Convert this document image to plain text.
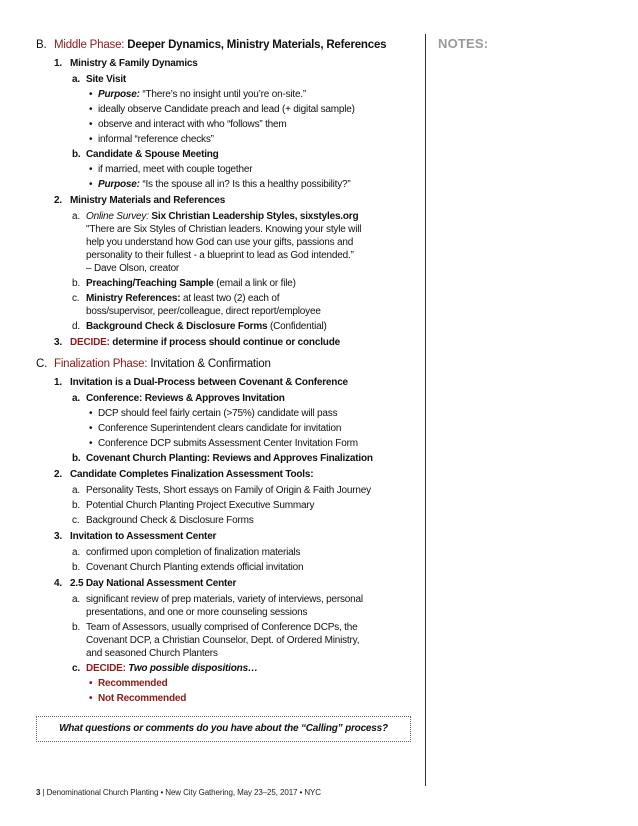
B. Middle Phase: Deeper Dynamics, Ministry Materials, References
1. Ministry & Family Dynamics
a. Site Visit
• Purpose: “There’s no insight until you’re on-site.”
• ideally observe Candidate preach and lead (+ digital sample)
• observe and interact with who “follows” them
• informal “reference checks”
b. Candidate & Spouse Meeting
• if married, meet with couple together
• Purpose: “Is the spouse all in? Is this a healthy possibility?”
2. Ministry Materials and References
a. Online Survey: Six Christian Leadership Styles, sixstyles.org
"There are Six Styles of Christian leaders. Knowing your style will
help you understand how God can use your gifts, passions and
personality to their fullest - a blueprint to lead as God intended.”
– Dave Olson, creator
b. Preaching/Teaching Sample (email a link or file)
c. Ministry References: at least two (2) each of
boss/supervisor, peer/colleague, direct report/employee
d. Background Check & Disclosure Forms (Confidential)
3. DECIDE: determine if process should continue or conclude
C. Finalization Phase: Invitation & Confirmation
1. Invitation is a Dual-Process between Covenant & Conference
a. Conference: Reviews & Approves Invitation
• DCP should feel fairly certain (>75%) candidate will pass
• Conference Superintendent clears candidate for invitation
• Conference DCP submits Assessment Center Invitation Form
b. Covenant Church Planting: Reviews and Approves Finalization
2. Candidate Completes Finalization Assessment Tools:
a. Personality Tests, Short essays on Family of Origin & Faith Journey
b. Potential Church Planting Project Executive Summary
c. Background Check & Disclosure Forms
3. Invitation to Assessment Center
a. confirmed upon completion of finalization materials
b. Covenant Church Planting extends official invitation
4. 2.5 Day National Assessment Center
a. significant review of prep materials, variety of interviews, personal
presentations, and one or more counseling sessions
b. Team of Assessors, usually comprised of Conference DCPs, the
Covenant DCP, a Christian Counselor, Dept. of Ordered Ministry,
and seasoned Church Planters
c. DECIDE: Two possible dispositions…
• Recommended
• Not Recommended
What questions or comments do you have about the “Calling” process?
NOTES:
3 | Denominational Church Planting • New City Gathering, May 23–25, 2017 • NYC
